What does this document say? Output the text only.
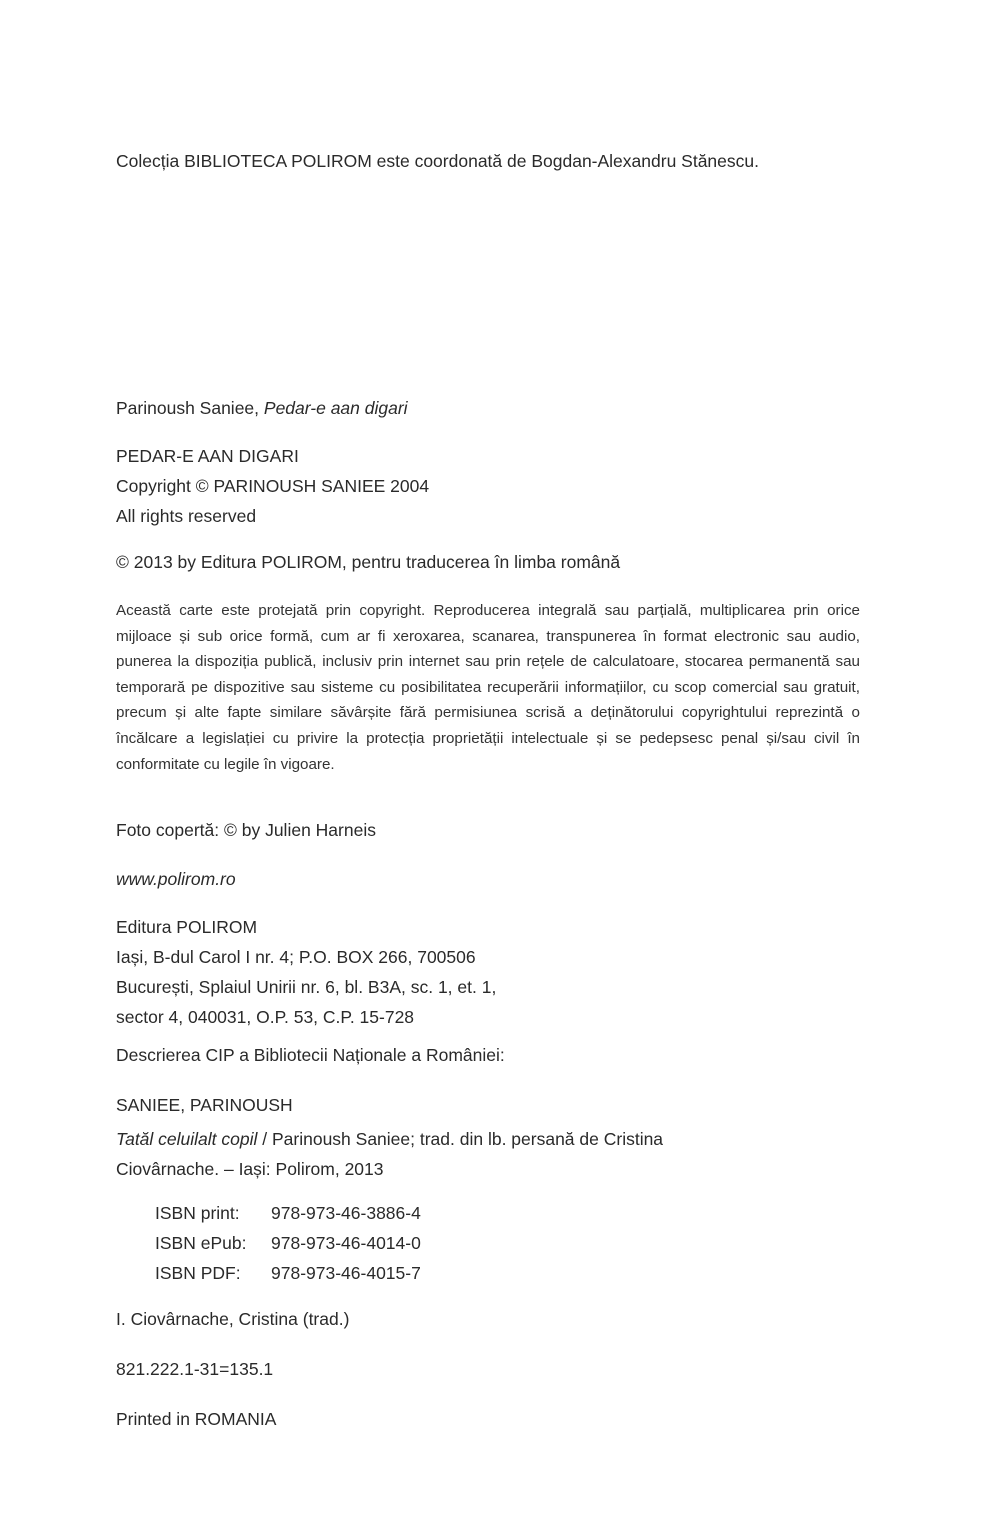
Colecția BIBLIOTECA POLIROM este coordonată de Bogdan-Alexandru Stănescu.

Parinoush Saniee, Pedar-e aan digari

PEDAR-E AAN DIGARI
Copyright © PARINOUSH SANIEE 2004
All rights reserved

© 2013 by Editura POLIROM, pentru traducerea în limba română

Această carte este protejată prin copyright. Reproducerea integrală sau parțială, multiplicarea prin orice mijloace și sub orice formă, cum ar fi xeroxarea, scanarea, transpunerea în format electronic sau audio, punerea la dispoziția publică, inclusiv prin internet sau prin rețele de calculatoare, stocarea permanentă sau temporară pe dispozitive sau sisteme cu posibilitatea recuperării informațiilor, cu scop comercial sau gratuit, precum și alte fapte similare săvârșite fără permisiunea scrisă a deținătorului copyrightului reprezintă o încălcare a legislației cu privire la protecția proprietății intelectuale și se pedepsesc penal și/sau civil în conformitate cu legile în vigoare.

Foto copertă: © by Julien Harneis

www.polirom.ro

Editura POLIROM
Iași, B-dul Carol I nr. 4; P.O. BOX 266, 700506
București, Splaiul Unirii nr. 6, bl. B3A, sc. 1, et. 1,
sector 4, 040031, O.P. 53, C.P. 15-728

Descrierea CIP a Bibliotecii Naționale a României:

SANIEE, PARINOUSH

Tatăl celuilalt copil / Parinoush Saniee; trad. din lb. persană de Cristina
Ciovârnache. – Iași: Polirom, 2013

ISBN print: 978-973-46-3886-4
ISBN ePub: 978-973-46-4014-0
ISBN PDF: 978-973-46-4015-7

I. Ciovârnache, Cristina (trad.)

821.222.1-31=135.1

Printed in ROMANIA
